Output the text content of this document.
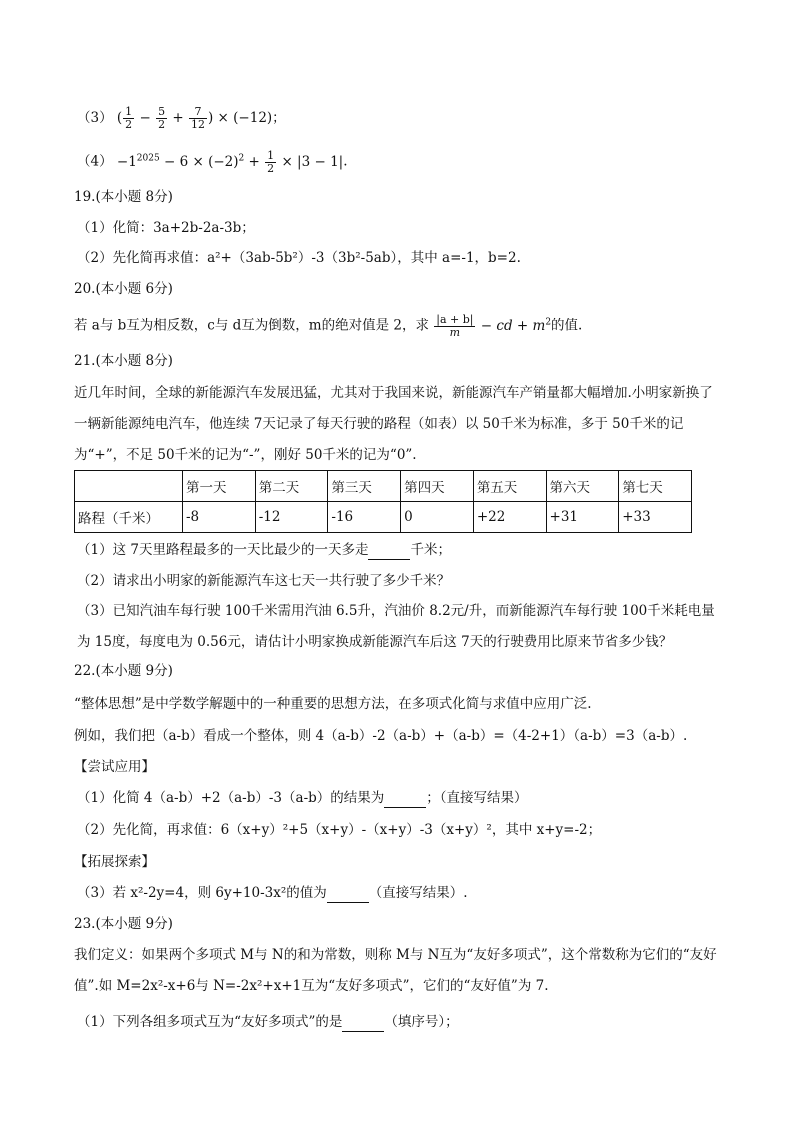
（3） ( $\frac{1}{2} - \frac{5}{2} + \frac{7}{12}$ ) × (−12)；
$(4) -1^{2025} - 6 \times (-2)^2 + \frac{1}{2} \times |3 - 1|$.
19.(本小题 8分)
（1）化简：3a+2b-2a-3b；
（2）先化简再求值：a²+（3ab-5b²）-3（3b²-5ab），其中 a=-1，b=2.
20.(本小题 6分)
若 a与 b互为相反数，c与 d互为倒数，m的绝对值是 2，求 $\frac{|a + b|}{m}$ − cd + $m^2$的值.
21.(本小题 8分)
近几年时间，全球的新能源汽车发展迅猛，尤其对于我国来说，新能源汽车产销量都大幅增加.小明家新换了一辆新能源纯电汽车，他连续 7天记录了每天行驶的路程（如表）以 50千米为标准，多于 50千米的记为“+”，不足 50千米的记为“-”，刚好 50千米的记为“0”.
	第一天	第二天	第三天	第四天	第五天	第六天	第七天
路程（千米）	-8	-12	-16	0	+22	+31	+33
（1）这 7天里路程最多的一天比最少的一天多走	千米；
（2）请求出小明家的新能源汽车这七天一共行驶了多少千米？
（3）已知汽油车每行驶 100千米需用汽油 6.5升，汽油价 8.2元/升，而新能源汽车每行驶 100千米耗电量为 15度，每度电为 0.56元，请估计小明家换成新能源汽车后这 7天的行驶费用比原来节省多少钱？
22.(本小题 9分)
“整体思想”是中学数学解题中的一种重要的思想方法，在多项式化简与求值中应用广泛.
例如，我们把（a-b）看成一个整体，则 4（a-b）-2（a-b）+（a-b）=（4-2+1）（a-b）=3（a-b）.
【尝试应用】
（1）化简 4（a-b）+2（a-b）-3（a-b）的结果为	；（直接写结果）
（2）先化简，再求值：6（x+y）²+5（x+y）-（x+y）-3（x+y）²，其中 x+y=-2；
【拓展探索】
（3）若 x²-2y=4，则 6y+10-3x²的值为	（直接写结果）.
23.(本小题 9分)
我们定义：如果两个多项式 M与 N的和为常数，则称 M与 N互为“友好多项式”，这个常数称为它们的“友好值”.如 M=2x²-x+6与 N=-2x²+x+1互为“友好多项式”，它们的“友好值”为 7.
（1）下列各组多项式互为“友好多项式”的是	（填序号）；
